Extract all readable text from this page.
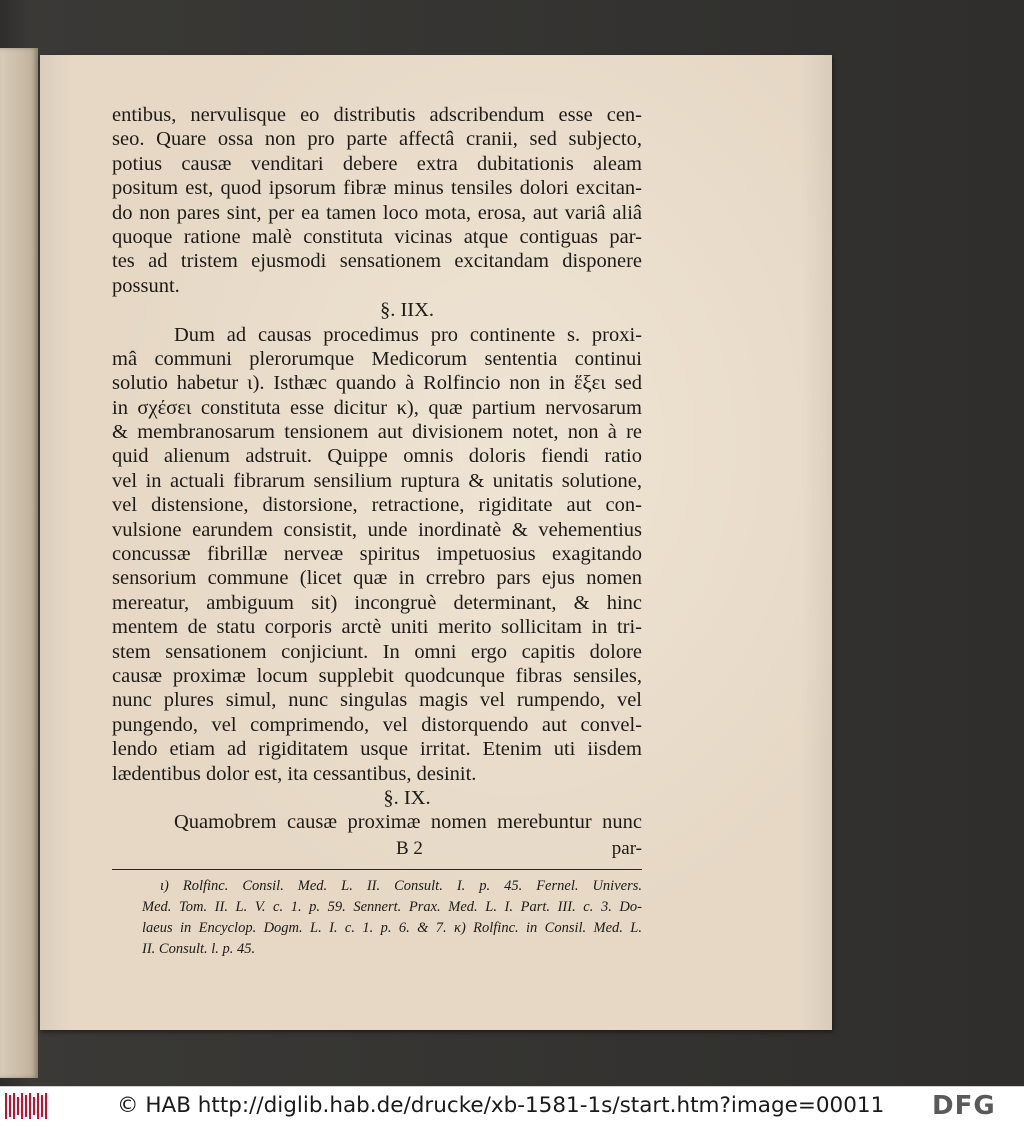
entibus, nervulisque eo distributis adscribendum esse cen-
seo. Quare ossa non pro parte affectâ cranii, sed subjecto,
potius causæ venditari debere extra dubitationis aleam
positum est, quod ipsorum fibræ minus tensiles dolori excitan-
do non pares sint, per ea tamen loco mota, erosa, aut variâ aliâ
quoque ratione malè constituta vicinas atque contiguas par-
tes ad tristem ejusmodi sensationem excitandam disponere
possunt.
§. IIX.
Dum ad causas procedimus pro continente s. proxi-
mâ communi plerorumque Medicorum sententia continui
solutio habetur ι). Isthæc quando à Rolfincio non in ἕξει sed
in σχέσει constituta esse dicitur κ), quæ partium nervosarum
& membranosarum tensionem aut divisionem notet, non à re
quid alienum adstruit. Quippe omnis doloris fiendi ratio
vel in actuali fibrarum sensilium ruptura & unitatis solutione,
vel distensione, distorsione, retractione, rigiditate aut con-
vulsione earundem consistit, unde inordinatè & vehementius
concussæ fibrillæ nerveæ spiritus impetuosius exagitando
sensorium commune (licet quæ in crrebro pars ejus nomen
mereatur, ambiguum sit) incongruè determinant, & hinc
mentem de statu corporis arctè uniti merito sollicitam in tri-
stem sensationem conjiciunt. In omni ergo capitis dolore
causæ proximæ locum supplebit quodcunque fibras sensiles,
nunc plures simul, nunc singulas magis vel rumpendo, vel
pungendo, vel comprimendo, vel distorquendo aut convel-
lendo etiam ad rigiditatem usque irritat. Etenim uti iisdem
lædentibus dolor est, ita cessantibus, desinit.
§. IX.
Quamobrem causæ proximæ nomen merebuntur nunc
B 2	par-
ι) Rolfinc. Consil. Med. L. II. Consult. I. p. 45. Fernel. Univers.
Med. Tom. II. L. V. c. 1. p. 59. Sennert. Prax. Med. L. I. Part. III. c. 3. Do-
laeus in Encyclop. Dogm. L. I. c. 1. p. 6. & 7. κ) Rolfinc. in Consil. Med. L.
II. Consult. l. p. 45.
© HAB http://diglib.hab.de/drucke/xb-1581-1s/start.htm?image=00011 DFG
